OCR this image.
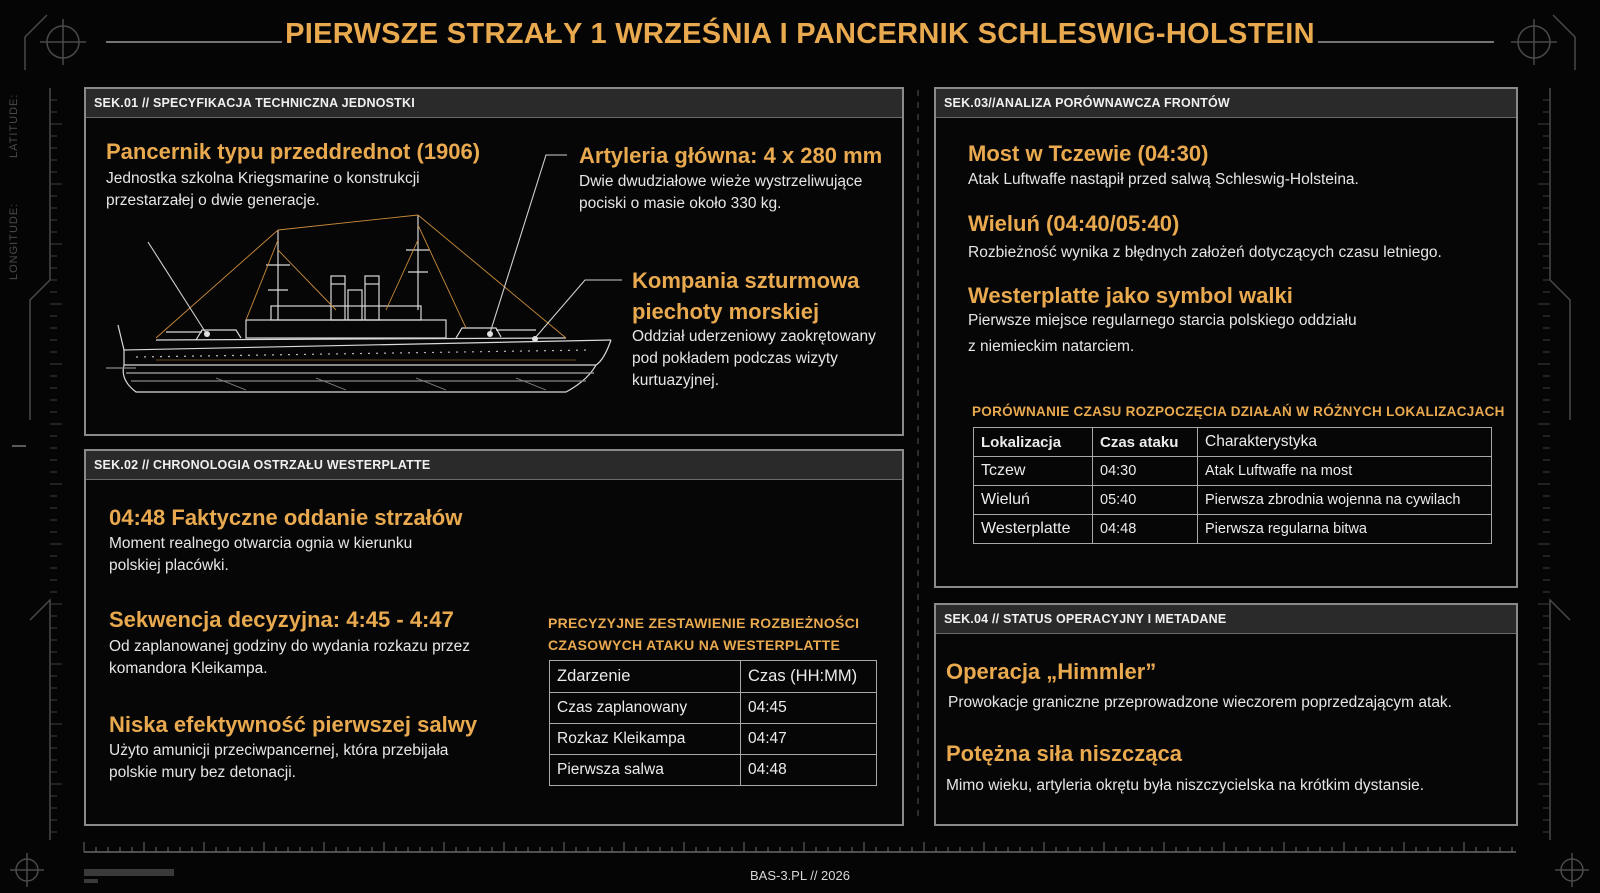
PIERWSZE STRZAŁY 1 WRZEŚNIA I PANCERNIK SCHLESWIG-HOLSTEIN
LATITUDE:
LONGITUDE:
SEK.01 // SPECYFIKACJA TECHNICZNA JEDNOSTKI
Pancernik typu przeddrednot (1906)
Jednostka szkolna Kriegsmarine o konstrukcji przestarzałej o dwie generacje.
Artyleria główna: 4 x 280 mm
Dwie dwudziałowe wieże wystrzeliwujące pociski o masie około 330 kg.
Kompania szturmowa piechoty morskiej
Oddział uderzeniowy zaokrętowany pod pokładem podczas wizyty kurtuazyjnej.
SEK.02 // CHRONOLOGIA OSTRZAŁU WESTERPLATTE
04:48 Faktyczne oddanie strzałów
Moment realnego otwarcia ognia w kierunku polskiej placówki.
Sekwencja decyzyjna: 4:45 - 4:47
Od zaplanowanej godziny do wydania rozkazu przez komandora Kleikampa.
Niska efektywność pierwszej salwy
Użyto amunicji przeciwpancernej, która przebijała polskie mury bez detonacji.
PRECYZYJNE ZESTAWIENIE ROZBIEŻNOŚCI CZASOWYCH ATAKU NA WESTERPLATTE
Zdarzenie	Czas (HH:MM)
Czas zaplanowany	04:45
Rozkaz Kleikampa	04:47
Pierwsza salwa	04:48
SEK.03//ANALIZA PORÓWNAWCZA FRONTÓW
Most w Tczewie (04:30)
Atak Luftwaffe nastąpił przed salwą Schleswig-Holsteina.
Wieluń (04:40/05:40)
Rozbieżność wynika z błędnych założeń dotyczących czasu letniego.
Westerplatte jako symbol walki
Pierwsze miejsce regularnego starcia polskiego oddziału
z niemieckim natarciem.
PORÓWNANIE CZASU ROZPOCZĘCIA DZIAŁAŃ W RÓŻNYCH LOKALIZACJACH
Lokalizacja	Czas ataku	Charakterystyka
Tczew	04:30	Atak Luftwaffe na most
Wieluń	05:40	Pierwsza zbrodnia wojenna na cywilach
Westerplatte	04:48	Pierwsza regularna bitwa
SEK.04 // STATUS OPERACYJNY I METADANE
Operacja „Himmler”
Prowokacje graniczne przeprowadzone wieczorem poprzedzającym atak.
Potężna siła niszcząca
Mimo wieku, artyleria okrętu była niszczycielska na krótkim dystansie.
BAS-3.PL // 2026
